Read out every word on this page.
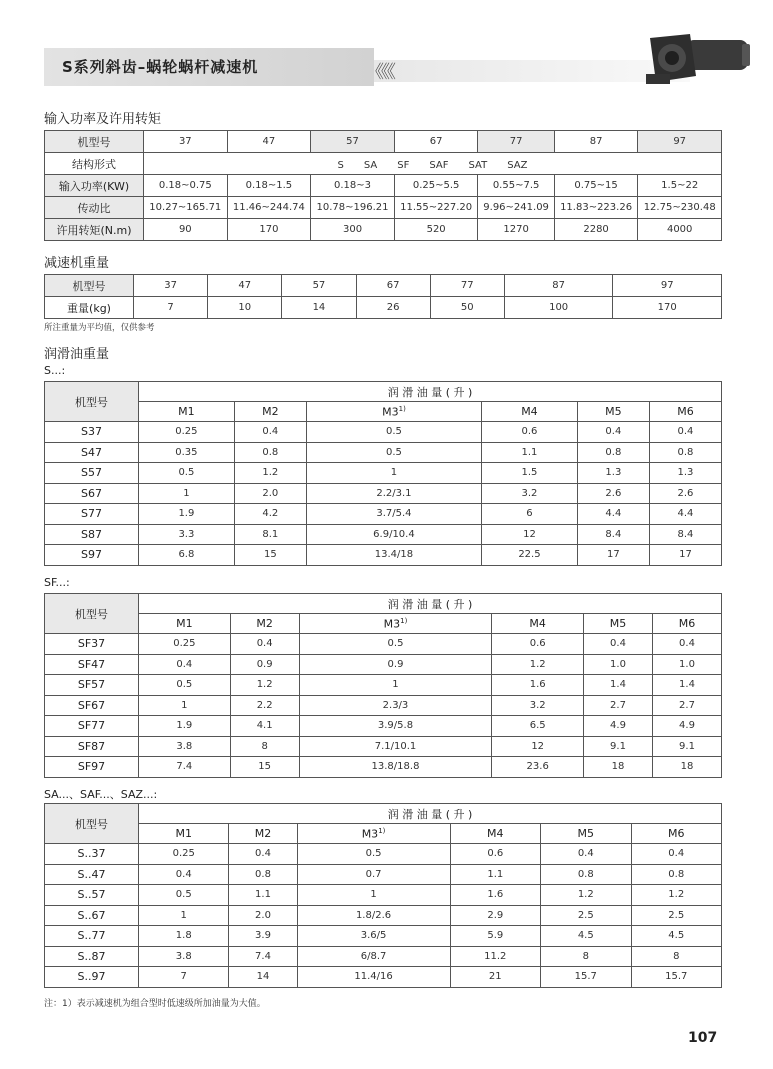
S系列斜齿–蜗轮蜗杆减速机	《《《
输入功率及许用转矩
机型号	37	47	57	67	77	87	97
结构形式	S　　SA　　SF　　SAF　　SAT　　SAZ						
输入功率(KW)	0.18~0.75	0.18~1.5	0.18~3	0.25~5.5	0.55~7.5	0.75~15	1.5~22
传动比	10.27~165.71	11.46~244.74	10.78~196.21	11.55~227.20	9.96~241.09	11.83~223.26	12.75~230.48
许用转矩(N.m)	90	170	300	520	1270	2280	4000
减速机重量
机型号	37	47	57	67	77	87	97
重量(kg)	7	10	14	26	50	100	170
所注重量为平均值，仅供参考
润滑油重量
S...:
机型号	润 滑 油 量 ( 升 )					
	M1	M2	M3$^{1)}$	M4	M5	M6
S37	0.25	0.4	0.5	0.6	0.4	0.4
S47	0.35	0.8	0.5	1.1	0.8	0.8
S57	0.5	1.2	1	1.5	1.3	1.3
S67	1	2.0	2.2/3.1	3.2	2.6	2.6
S77	1.9	4.2	3.7/5.4	6	4.4	4.4
S87	3.3	8.1	6.9/10.4	12	8.4	8.4
S97	6.8	15	13.4/18	22.5	17	17
SF...:
机型号	润 滑 油 量 ( 升 )					
	M1	M2	M3$^{1)}$	M4	M5	M6
SF37	0.25	0.4	0.5	0.6	0.4	0.4
SF47	0.4	0.9	0.9	1.2	1.0	1.0
SF57	0.5	1.2	1	1.6	1.4	1.4
SF67	1	2.2	2.3/3	3.2	2.7	2.7
SF77	1.9	4.1	3.9/5.8	6.5	4.9	4.9
SF87	3.8	8	7.1/10.1	12	9.1	9.1
SF97	7.4	15	13.8/18.8	23.6	18	18
SA...、SAF...、SAZ...:
机型号	润 滑 油 量 ( 升 )					
	M1	M2	M3$^{1)}$	M4	M5	M6
S..37	0.25	0.4	0.5	0.6	0.4	0.4
S..47	0.4	0.8	0.7	1.1	0.8	0.8
S..57	0.5	1.1	1	1.6	1.2	1.2
S..67	1	2.0	1.8/2.6	2.9	2.5	2.5
S..77	1.8	3.9	3.6/5	5.9	4.5	4.5
S..87	3.8	7.4	6/8.7	11.2	8	8
S..97	7	14	11.4/16	21	15.7	15.7
注：1）表示减速机为组合型时低速级所加油量为大值。
107
